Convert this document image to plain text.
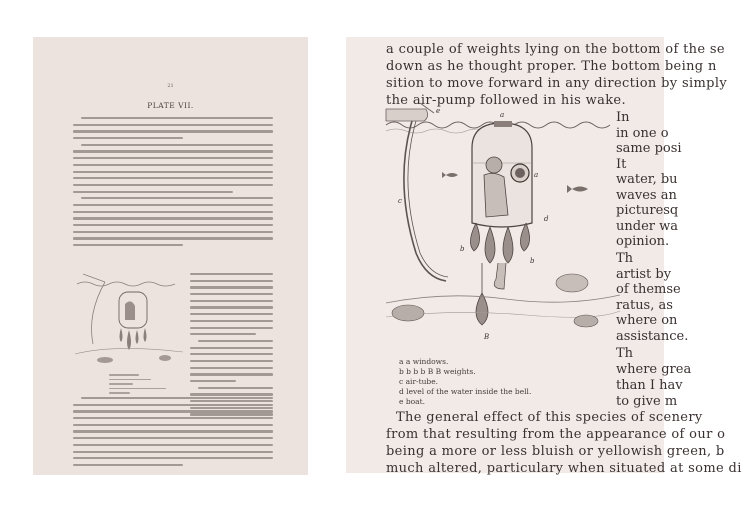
21
PLATE VII.
a couple of weights lying on the bottom of the se
down as he thought proper. The bottom being n
sition to move forward in any direction by simply
the air-pump followed in his wake.
a
a
e
d
b
b
B
c
In
in one o
same posi
It
water, bu
waves an
picturesq
under wa
opinion.
Th
artist by
of themse
ratus, as
where on
assistance.
Th
where grea
than I hav
to give m
a a windows.
b b b b B B weights.
c air-tube.
d level of the water inside the bell.
e boat.
The general effect of this species of scenery
from that resulting from the appearance of our o
being a more or less bluish or yellowish green, b
much altered, particulary when situated at some di
